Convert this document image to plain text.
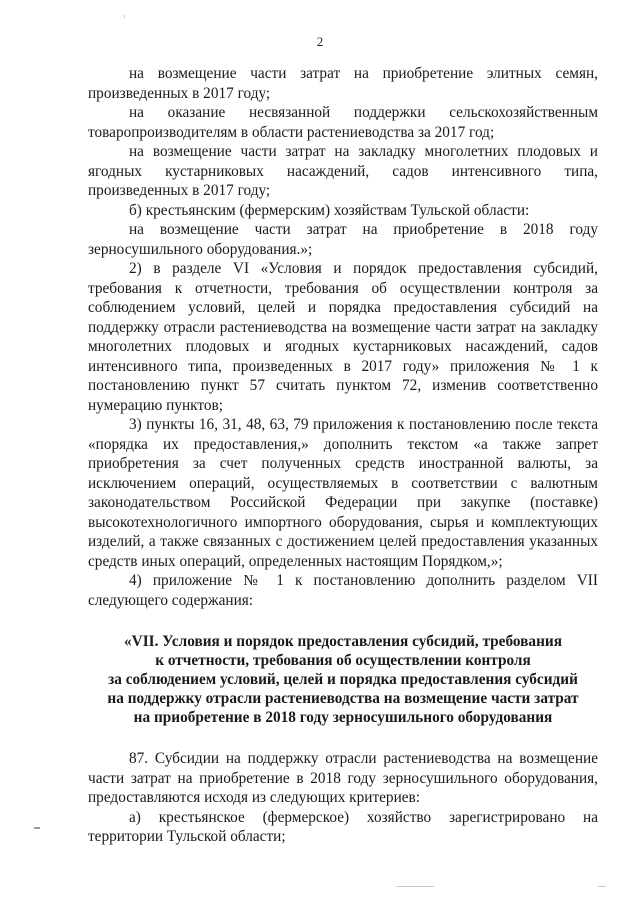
2

на возмещение части затрат на приобретение элитных семян, произведенных в 2017 году;

на оказание несвязанной поддержки сельскохозяйственным товаропроизводителям в области растениеводства за 2017 год;

на возмещение части затрат на закладку многолетних плодовых и ягодных кустарниковых насаждений, садов интенсивного типа, произведенных в 2017 году;

б) крестьянским (фермерским) хозяйствам Тульской области:

на возмещение части затрат на приобретение в 2018 году зерносушильного оборудования.»;

2) в разделе VI «Условия и порядок предоставления субсидий, требования к отчетности, требования об осуществлении контроля за соблюдением условий, целей и порядка предоставления субсидий на поддержку отрасли растениеводства на возмещение части затрат на закладку многолетних плодовых и ягодных кустарниковых насаждений, садов интенсивного типа, произведенных в 2017 году» приложения № 1 к постановлению пункт 57 считать пунктом 72, изменив соответственно нумерацию пунктов;

3) пункты 16, 31, 48, 63, 79 приложения к постановлению после текста «порядка их предоставления,» дополнить текстом «а также запрет приобретения за счет полученных средств иностранной валюты, за исключением операций, осуществляемых в соответствии с валютным законодательством Российской Федерации при закупке (поставке) высокотехнологичного импортного оборудования, сырья и комплектующих изделий, а также связанных с достижением целей предоставления указанных средств иных операций, определенных настоящим Порядком,»;

4) приложение № 1 к постановлению дополнить разделом VII следующего содержания:

«VII. Условия и порядок предоставления субсидий, требования
к отчетности, требования об осуществлении контроля
за соблюдением условий, целей и порядка предоставления субсидий
на поддержку отрасли растениеводства на возмещение части затрат
на приобретение в 2018 году зерносушильного оборудования

87. Субсидии на поддержку отрасли растениеводства на возмещение части затрат на приобретение в 2018 году зерносушильного оборудования, предоставляются исходя из следующих критериев:

а) крестьянское (фермерское) хозяйство зарегистрировано на территории Тульской области;
